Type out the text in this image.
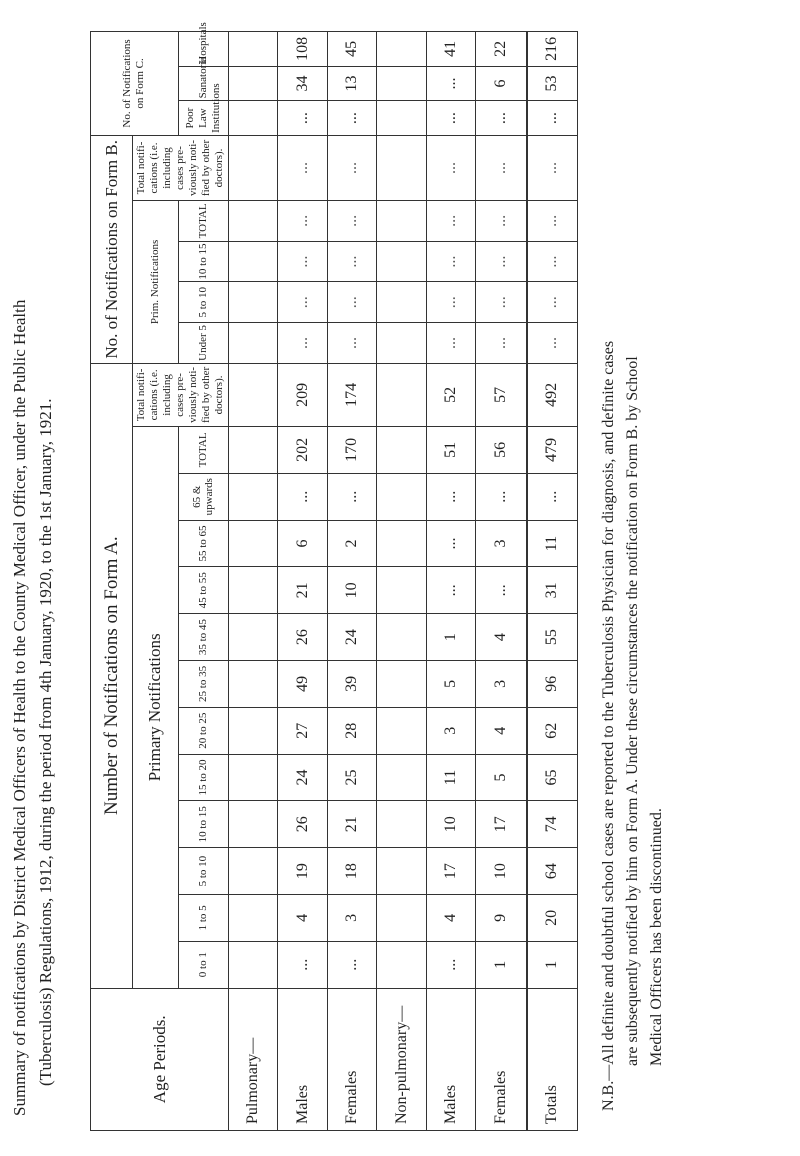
Summary of notifications by District Medical Officers of Health to the County Medical Officer, under the Public Health (Tuberculosis) Regulations, 1912, during the period from 4th January, 1920, to the 1st January, 1921.	Age Periods.	Number of Notifications on Form A.													No. of Notifications on Form B.					No. of Notifications on Form C.		
	Primary Notifications												Total notifi-cations (i.e. including cases pre-viously noti-fied by other doctors).	Prim. Notifications				Total notifi-cations (i.e. including cases pre-viously noti-fied by other doctors).			
	0 to 1	1 to 5	5 to 10	10 to 15	15 to 20	20 to 25	25 to 35	35 to 45	45 to 55	55 to 65	65 & upwards	TOTAL		Under 5	5 to 10	10 to 15	TOTAL		Poor Law Institutions	Sanatoria	Hospitals
Pulmonary—																					
Males	...	4	19	26	24	27	49	26	21	6	...	202	209	...	...	...	...	...	...	34	108
Females	...	3	18	21	25	28	39	24	10	2	...	170	174	...	...	...	...	...	...	13	45
Non-pulmonary—																					
Males	...	4	17	10	11	3	5	1	...	...	...	51	52	...	...	...	...	...	...	...	41
Females	1	9	10	17	5	4	3	4	...	3	...	56	57	...	...	...	...	...	...	6	22
Totals	1	20	64	74	65	62	96	55	31	11	...	479	492	...	...	...	...	...	...	53	216
N.B.—All definite and doubtful school cases are reported to the Tuberculosis Physician for diagnosis, and definite cases are subsequently notified by him on Form A. Under these circumstances the notification on Form B. by School Medical Officers has been discontinued.
